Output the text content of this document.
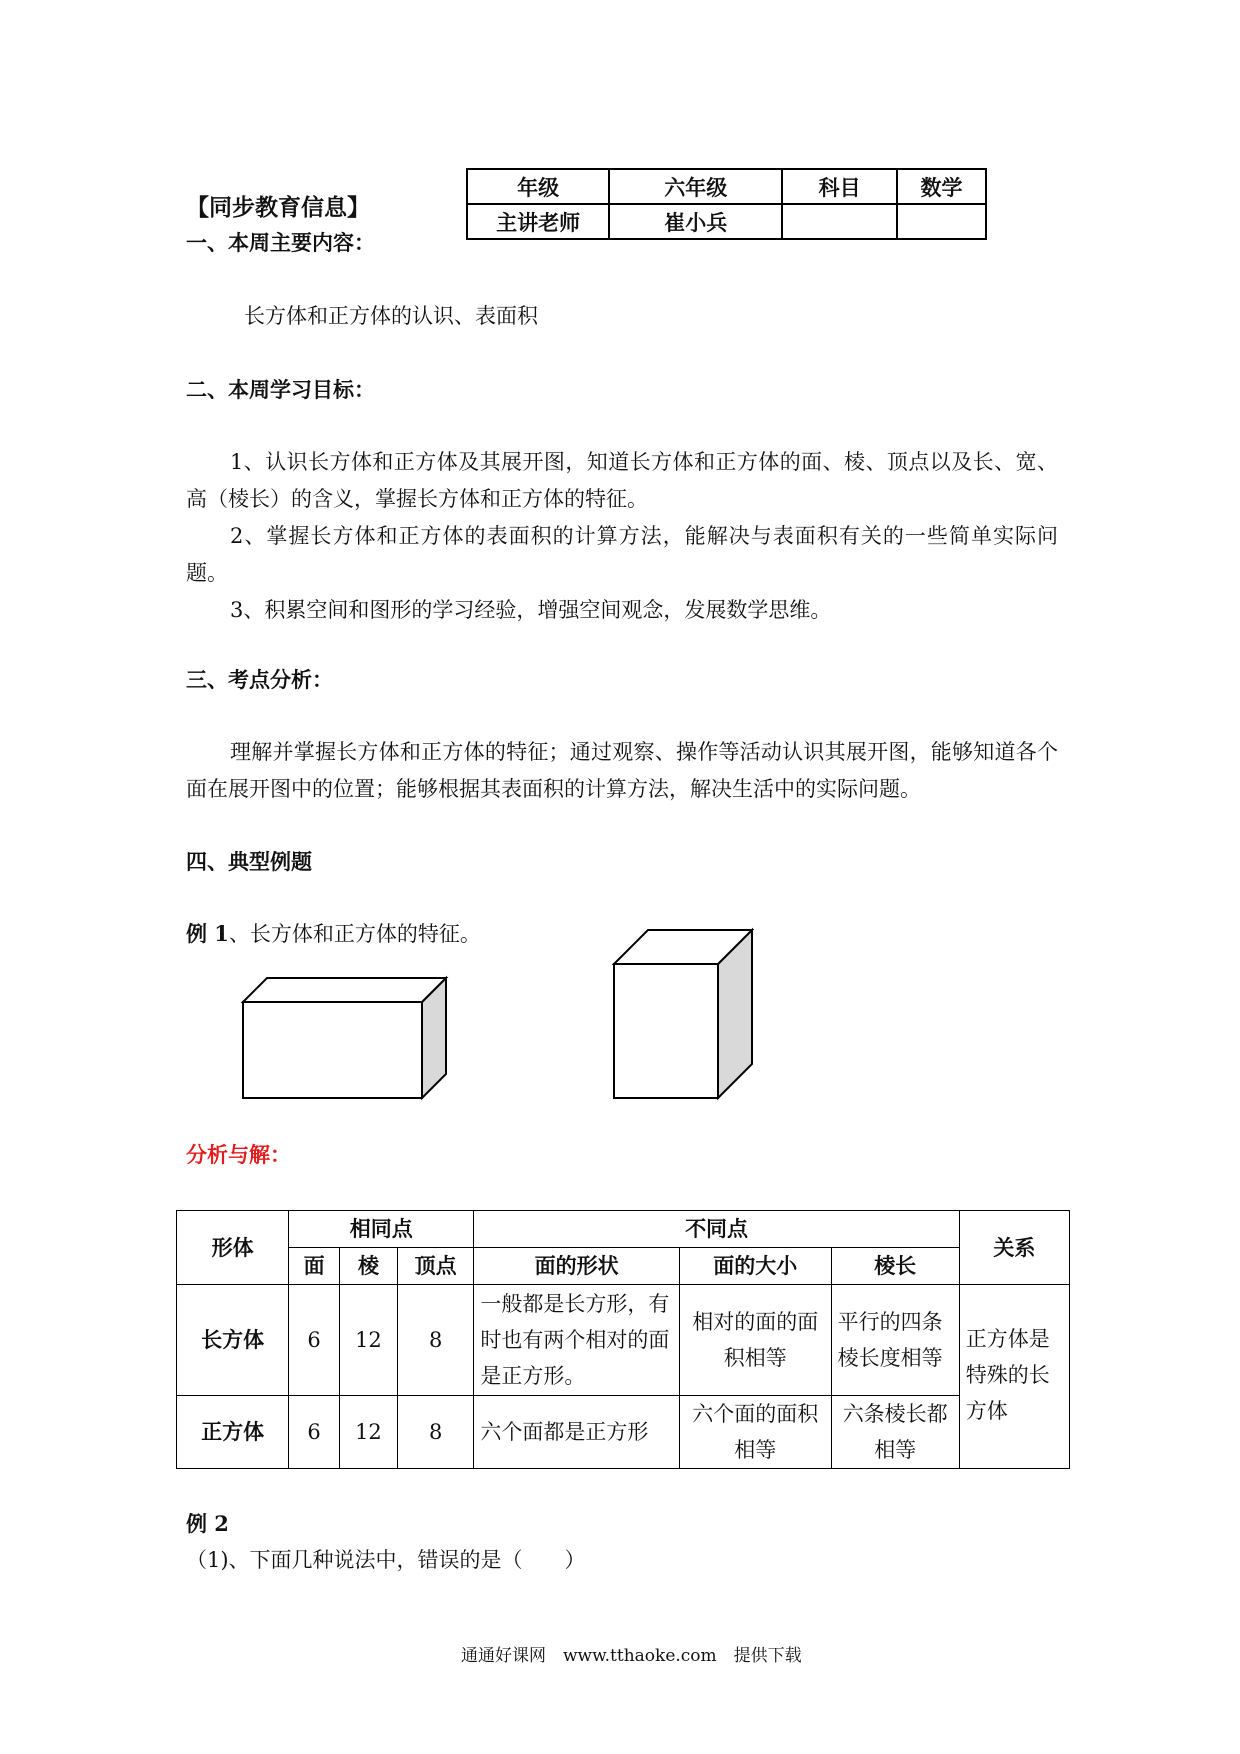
【同步教育信息】
年级	六年级	科目	数学
主讲老师	崔小兵		
一、本周主要内容：
长方体和正方体的认识、表面积
二、本周学习目标：
1、认识长方体和正方体及其展开图，知道长方体和正方体的面、棱、顶点以及长、宽、高（棱长）的含义，掌握长方体和正方体的特征。
2、掌握长方体和正方体的表面积的计算方法，能解决与表面积有关的一些简单实际问题。
3、积累空间和图形的学习经验，增强空间观念，发展数学思维。
三、考点分析：
理解并掌握长方体和正方体的特征；通过观察、操作等活动认识其展开图，能够知道各个面在展开图中的位置；能够根据其表面积的计算方法，解决生活中的实际问题。
四、典型例题
例 1、长方体和正方体的特征。
分析与解：
形体	相同点			不同点			关系
	面	棱	顶点	面的形状	面的大小	棱长	
长方体	6	12	8	一般都是长方形，有时也有两个相对的面是正方形。	相对的面的面积相等	平行的四条棱长度相等	正方体是特殊的长方体
正方体	6	12	8	六个面都是正方形	六个面的面积相等	六条棱长都相等	
例 2
（1)、下面几种说法中，错误的是（　　）
通通好课网　www.tthaoke.com　提供下载
